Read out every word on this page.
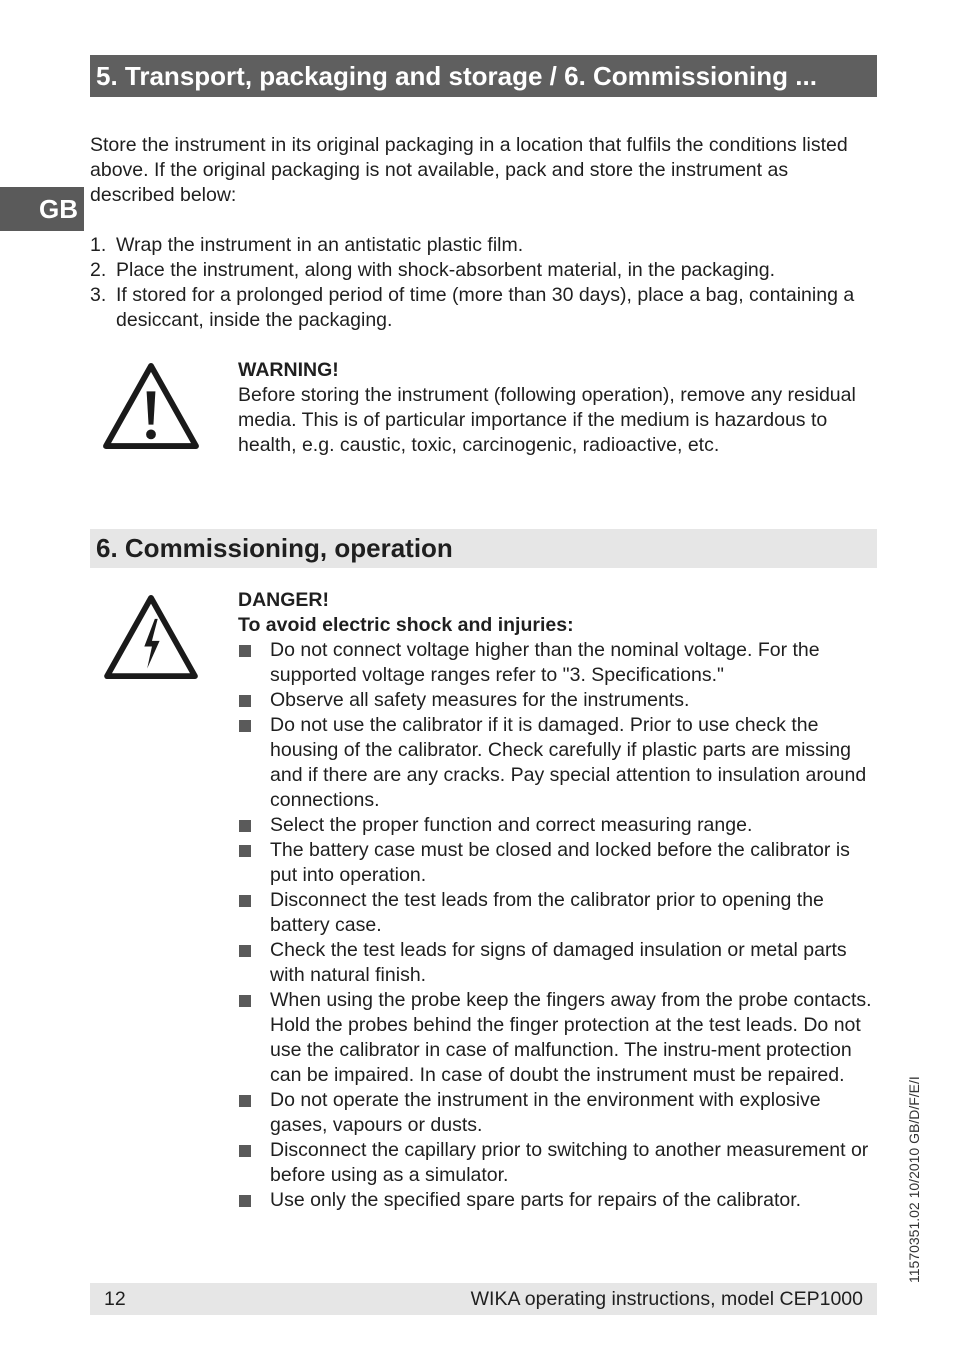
GB
5. Transport, packaging and storage / 6. Commissioning ...

Store the instrument in its original packaging in a location that fulfils the conditions listed above. If the original packaging is not available, pack and store the instrument as described below:

1. Wrap the instrument in an antistatic plastic film.
2. Place the instrument, along with shock-absorbent material, in the packaging.
3. If stored for a prolonged period of time (more than 30 days), place a bag, containing a desiccant, inside the packaging.
WARNING!
Before storing the instrument (following operation), remove any residual media. This is of particular importance if the medium is hazardous to health, e.g. caustic, toxic, carcinogenic, radioactive, etc.
6. Commissioning, operation
DANGER!
To avoid electric shock and injuries:
Do not connect voltage higher than the nominal voltage. For the supported voltage ranges refer to "3. Specifications."
Observe all safety measures for the instruments.
Do not use the calibrator if it is damaged. Prior to use check the housing of the calibrator. Check carefully if plastic parts are missing and if there are any cracks. Pay special attention to insulation around connections.
Select the proper function and correct measuring range.
The battery case must be closed and locked before the calibrator is put into operation.
Disconnect the test leads from the calibrator prior to opening the battery case.
Check the test leads for signs of damaged insulation or metal parts with natural finish.
When using the probe keep the fingers away from the probe contacts. Hold the probes behind the finger protection at the test leads. Do not use the calibrator in case of malfunction. The instru-ment protection can be impaired. In case of doubt the instrument must be repaired.
Do not operate the instrument in the environment with explosive gases, vapours or dusts.
Disconnect the capillary prior to switching to another measurement or before using as a simulator.
Use only the specified spare parts for repairs of the calibrator.
12	WIKA operating instructions, model CEP1000
11570351.02 10/2010 GB/D/F/E/I
